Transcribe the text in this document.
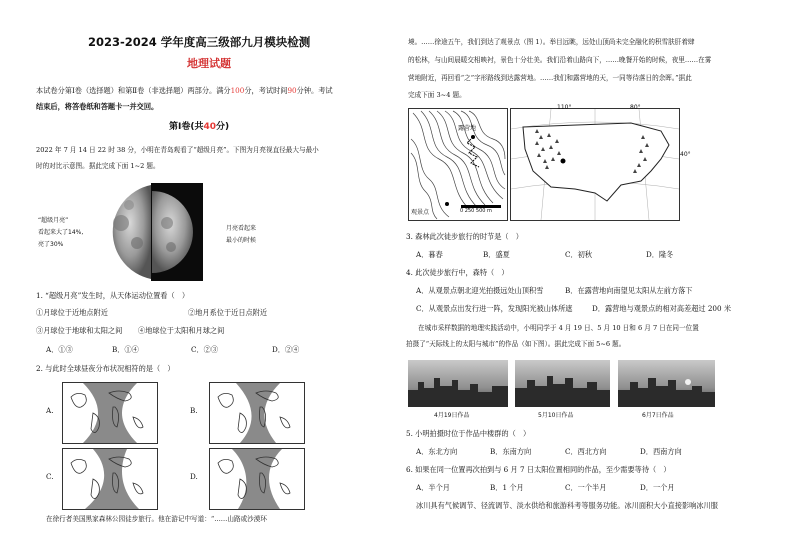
2023-2024 学年度高三级部九月模块检测
地理试题
本试卷分第Ⅰ卷（选择题）和第Ⅱ卷（非选择题）两部分。满分100分，考试时间90分钟。考试
结束后，将答卷纸和答题卡一并交回。
第Ⅰ卷(共40分)
2022 年 7 月 14 日 22 时 38 分，小明在青岛观看了“超级月亮”。下图为月亮视直径最大与最小
时的对比示意图。据此完成下面 1~2 题。
“超级月亮”
看起来大了14%,
亮了30%
月亮看起来
最小的时候
1. “超级月亮”发生时，从天体运动位置看（　）
①月球位于近地点附近	②地月系位于近日点附近
③月球位于地球和太阳之间 ④地球位于太阳和月球之间
A．①③	B．①④	C．②③	D．②④
2. 与此时全球昼夜分布状况相符的是（　）
A.	B.
C.	D.
在徐行者美国黑家森林公园徒步旅行。他在游记中写道：“……山路或沙漠环
境。……徐途五午，我们到达了观景点（图 1）。举目远眺，远处山顶尚未完全融化的积雪肤肝着肆
的松林，与山间晨暖交相映衬，景色十分壮美。我们沿着山路向下，……晚餐开始的时候，夜里……在雾
营地附近，再回看“之”字形路线到达露营地。……我们和露营地的天，一同等待落日的余晖。”据此
完成下面 3~4 题。
露营地
观景点	0 250 500 m
110°	80°
40°
3. 森林此次徒步旅行的时节是（　）
A．暮春	B．盛夏	C．初秋	D．隆冬
4. 此次徒步旅行中，森特（　）
A．从观景点朝北迎光拍摄远处山顶积雪	B．在露营地向南望见太阳从左前方落下
C．从观景点出发行进一阵，发现阳光被山体所遮	D．露营地与观景点的相对高差超过 200 米
在城市采样数据的地理实践活动中，小明同学于 4 月 19 日、5 月 10 日和 6 月 7 日在同一位置
拍摄了“天际线上的太阳与城市”的作品（如下图）。据此完成下面 5~6 题。
4月19日作品	5月10日作品	6月7日作品
5. 小明拍摄时位于作品中楼群的（　）
A．东北方向	B．东南方向	C．西北方向	D．西南方向
6. 如果在同一位置再次拍到与 6 月 7 日太阳位置相同的作品，至少需要等待（　）
A．半个月	B．1 个月	C．一个半月	D．一个月
冰川具有气候调节、径流调节、淡水供给和旅游科考等服务功能。冰川面积大小直接影响冰川服
